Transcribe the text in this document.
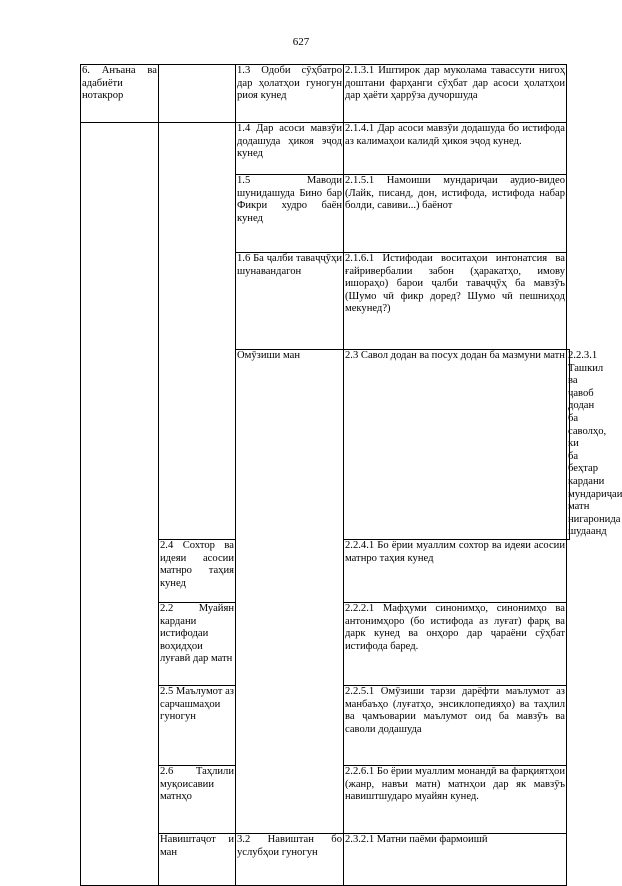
627
6. Анъана ва адабиёти нотакрор		1.3 Одоби сӯҳбатро дар ҳолатҳои гуногун риоя кунед	2.1.3.1 Иштирок дар муколама тавассути нигоҳ доштани фарҳанги сӯҳбат дар асоси ҳолатҳои дар ҳаёти ҳаррӯза дучоршуда	
		1.4 Дар асоси мавзӯи додашуда ҳикоя эҷод кунед	2.1.4.1 Дар асоси мавзӯи додашуда бо истифода аз калимаҳои калидӣ ҳикоя эҷод кунед.	
		1.5 Маводи шунидашуда Бино бар Фикри худро баён кунед	2.1.5.1 Намоиши мундариҷаи аудио-видео (Лайк, писанд, дон, истифода, истифода набар болди, савиви...) баёнот	
		1.6 Ба ҷалби таваҷҷӯҳи шунавандагон	2.1.6.1 Истифодаи воситаҳои интонатсия ва ғайривербалии забон (ҳаракатҳо, имову ишораҳо) барои ҷалби таваҷҷӯҳ ба мавзӯъ (Шумо чӣ фикр доред? Шумо чӣ пешниҳод мекунед?)	
		Омӯзиши ман	2.3 Савол додан ва посух додан ба мазмуни матн	2.2.3.1 Ташкил ва ҷавоб додан ба саволҳо, ки ба беҳтар кардани мундариҷаи матн нигаронида шудаанд
	2.4 Сохтор ва идеяи асосии матнро таҳия кунед		2.2.4.1 Бо ёрии муаллим сохтор ва идеяи асосии матнро таҳия кунед	
	2.2 Муайян кардани истифодаи воҳидҳои луғавӣ дар матн		2.2.2.1 Мафҳуми синонимҳо, синонимҳо ва антонимҳоро (бо истифода аз луғат) фарқ ва дарк кунед ва онҳоро дар ҷараёни сӯҳбат истифода баред.	
	2.5 Маълумот аз сарчашмаҳои гуногун		2.2.5.1 Омӯзиши тарзи дарёфти маълумот аз манбаъҳо (луғатҳо, энсиклопедияҳо) ва таҳлил ва ҷамъоварии маълумот оид ба мавзӯъ ва саволи додашуда	
	2.6 Таҳлили муқоисавии матнҳо		2.2.6.1 Бо ёрии муаллим монандӣ ва фарқиятҳои (жанр, навъи матн) матнҳои дар як мавзӯъ навиштшударо муайян кунед.	
	Навиштаҷот и ман	3.2 Навиштан бо услубҳои гуногун	2.3.2.1 Матни паёми фармоишӣ	
